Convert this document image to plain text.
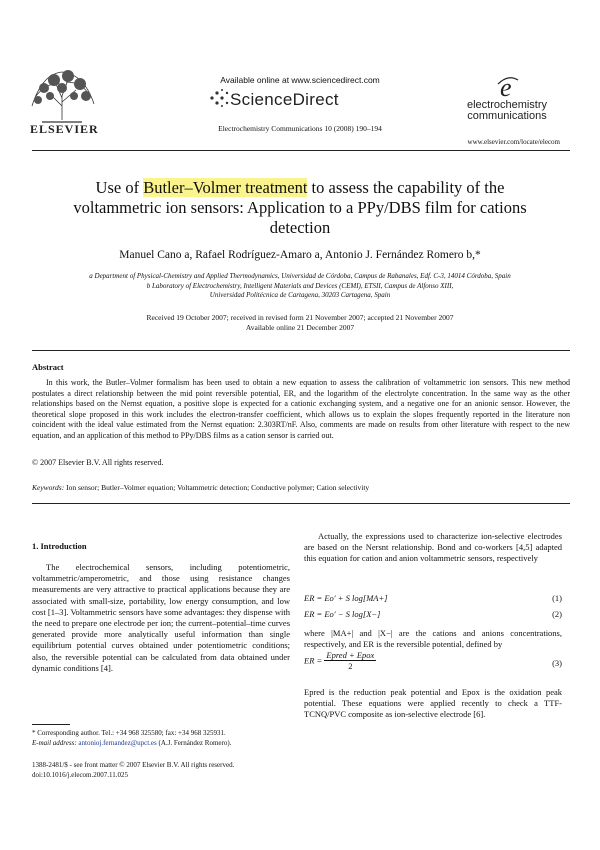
ELSEVIER
Available online at www.sciencedirect.com
ScienceDirect
Electrochemistry Communications 10 (2008) 190–194
e
electrochemistry
communications
www.elsevier.com/locate/elecom
Use of Butler–Volmer treatment to assess the capability of the voltammetric ion sensors: Application to a PPy/DBS film for cations detection
Manuel Cano a, Rafael Rodríguez-Amaro a, Antonio J. Fernández Romero b,*
a Department of Physical-Chemistry and Applied Thermodynamics, Universidad de Córdoba, Campus de Rabanales, Edf. C-3, 14014 Córdoba, Spain
b Laboratory of Electrochemistry, Intelligent Materials and Devices (CEMI), ETSII, Campus de Alfonso XIII,
Universidad Politécnica de Cartagena, 30203 Cartagena, Spain
Received 19 October 2007; received in revised form 21 November 2007; accepted 21 November 2007
Available online 21 December 2007
Abstract
In this work, the Butler–Volmer formalism has been used to obtain a new equation to assess the calibration of voltammetric ion sensors. This new method postulates a direct relationship between the mid point reversible potential, ER, and the logarithm of the electrolyte concentration. In the same way as the other relationships based on the Nernst equation, a positive slope is expected for a cationic exchanging system, and a negative one for an anionic sensor. However, the theoretical slope proposed in this work includes the electron-transfer coefficient, which allows us to explain the slopes frequently reported in the literature non coincident with the ideal value estimated from the Nernst equation: 2.303RT/nF. Also, comments are made on results from other literature with respect to the new equation, and an application of this method to PPy/DBS films as a cation sensor is carried out.
© 2007 Elsevier B.V. All rights reserved.
Keywords: Ion sensor; Butler–Volmer equation; Voltammetric detection; Conductive polymer; Cation selectivity
1. Introduction
The electrochemical sensors, including potentiometric, voltammetric/amperometric, and those using resistance changes measurements are very attractive to practical applications because they are associated with small-size, portability, low energy consumption, and low cost [1–3]. Voltammetric sensors have some advantages: they dispense with the need to prepare one electrode per ion; the current–potential–time curves generated provide more analytically useful information than single equilibrium potential curves obtained under potentiometric conditions; also, the reversible potential can be calculated from data obtained under dynamic conditions [4].
Actually, the expressions used to characterize ion-selective electrodes are based on the Nersnt relationship. Bond and co-workers [4,5] adapted this equation for cation and anion voltammetric sensors, respectively
ER = Eo′ + S log[MA+]	(1)
ER = Eo′ − S log[X−]	(2)
where |MA+| and |X−| are the cations and anions concentrations, respectively, and ER is the reversible potential, defined by
ER = $\frac{\text{Epred + Epox}}{2}$	(3)
Epred is the reduction peak potential and Epox is the oxidation peak potential. These equations were applied recently to check a TTF-TCNQ/PVC composite as ion-selective electrode [6].
* Corresponding author. Tel.: +34 968 325580; fax: +34 968 325931.
E-mail address: antonioj.fernandez@upct.es (A.J. Fernández Romero).
1388-2481/$ - see front matter © 2007 Elsevier B.V. All rights reserved.
doi:10.1016/j.elecom.2007.11.025
